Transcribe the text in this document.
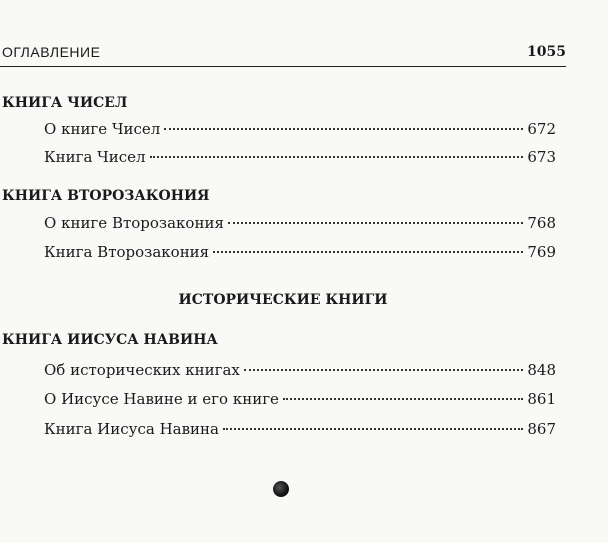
ОГЛАВЛЕНИЕ	1055
КНИГА ЧИСЕЛ
О книге Чисел	672
Книга Чисел	673
КНИГА ВТОРОЗАКОНИЯ
О книге Второзакония	768
Книга Второзакония	769
ИСТОРИЧЕСКИЕ КНИГИ
КНИГА ИИСУСА НАВИНА
Об исторических книгах	848
О Иисусе Навине и его книге	861
Книга Иисуса Навина	867
